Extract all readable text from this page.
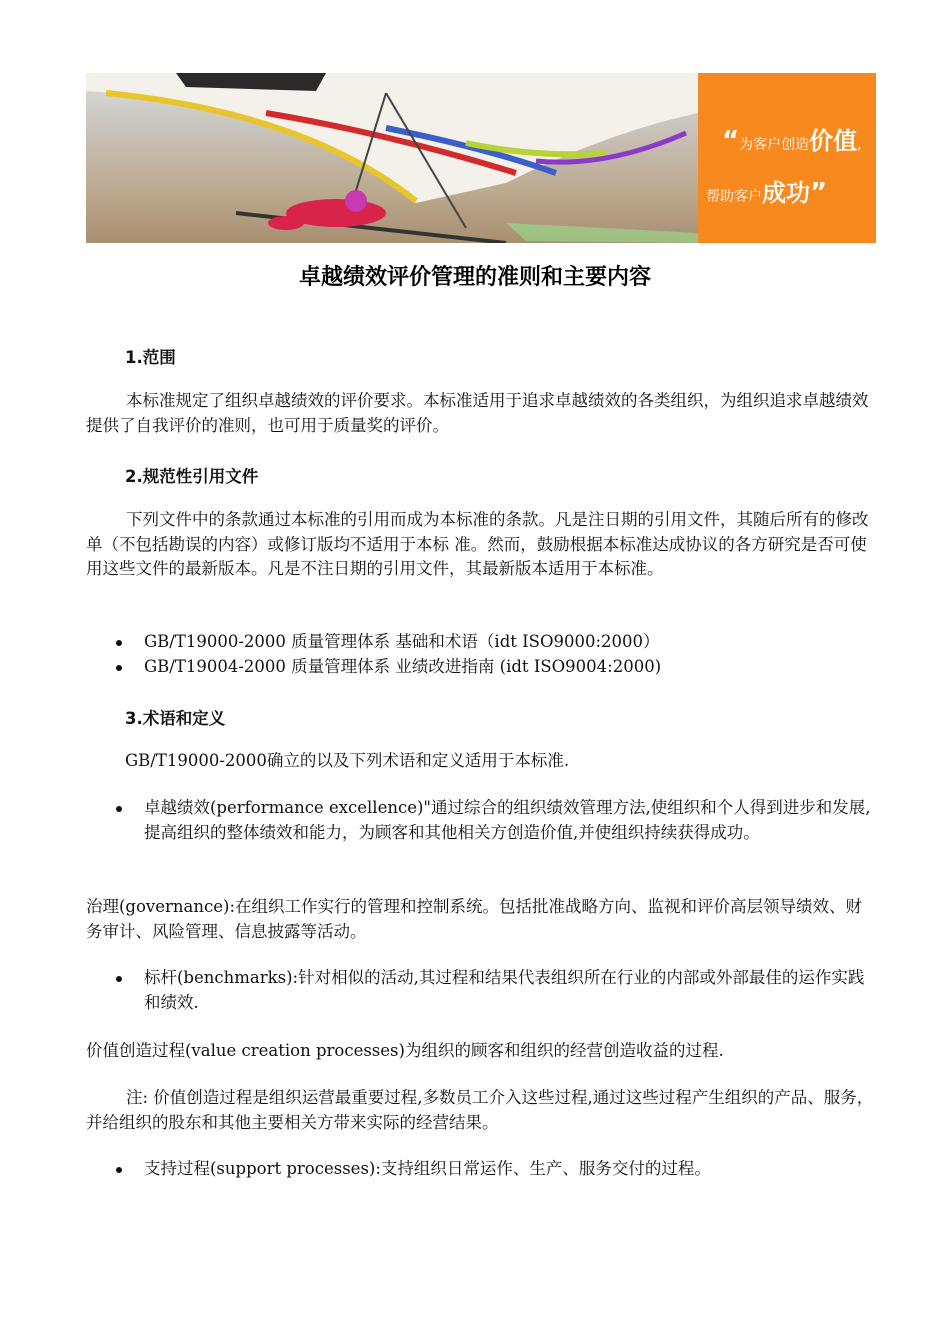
“为客户创造价值,
帮助客户成功”
卓越绩效评价管理的准则和主要内容
1.范围
本标准规定了组织卓越绩效的评价要求。本标准适用于追求卓越绩效的各类组织，为组织追求卓越绩效提供了自我评价的准则，也可用于质量奖的评价。
2.规范性引用文件
下列文件中的条款通过本标准的引用而成为本标准的条款。凡是注日期的引用文件，其随后所有的修改单（不包括勘误的内容）或修订版均不适用于本标 准。然而，鼓励根据本标准达成协议的各方研究是否可使用这些文件的最新版本。凡是不注日期的引用文件，其最新版本适用于本标准。
GB/T19000-2000 质量管理体系 基础和术语（idt ISO9000:2000）
GB/T19004-2000 质量管理体系 业绩改进指南 (idt ISO9004:2000)
3.术语和定义
GB/T19000-2000确立的以及下列术语和定义适用于本标准.
卓越绩效(performance excellence)"通过综合的组织绩效管理方法,使组织和个人得到进步和发展,提高组织的整体绩效和能力，为顾客和其他相关方创造价值,并使组织持续获得成功。
治理(governance):在组织工作实行的管理和控制系统。包括批准战略方向、监视和评价高层领导绩效、财务审计、风险管理、信息披露等活动。
标杆(benchmarks):针对相似的活动,其过程和结果代表组织所在行业的内部或外部最佳的运作实践和绩效.
价值创造过程(value creation processes)为组织的顾客和组织的经营创造收益的过程.
注: 价值创造过程是组织运营最重要过程,多数员工介入这些过程,通过这些过程产生组织的产品、服务，并给组织的股东和其他主要相关方带来实际的经营结果。
支持过程(support processes):支持组织日常运作、生产、服务交付的过程。
